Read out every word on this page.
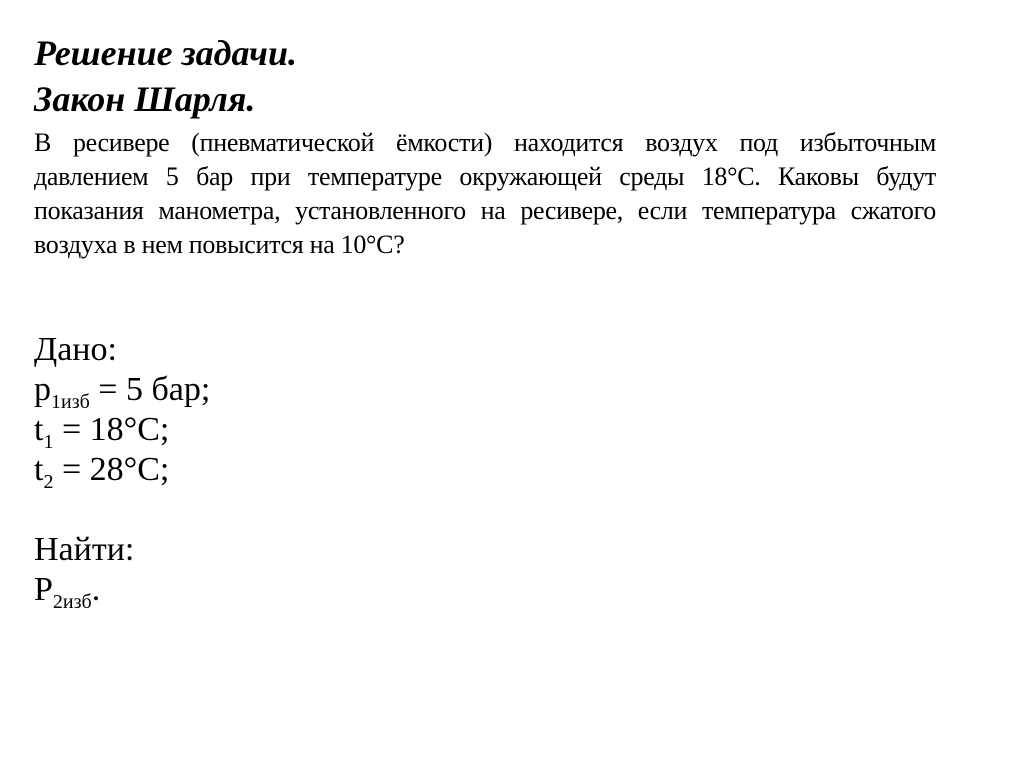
Решение задачи.

Закон Шарля.

В ресивере (пневматической ёмкости) находится воздух под избыточным давлением 5 бар при температуре окружающей среды 18°С. Каковы будут показания манометра, установленного на ресивере, если температура сжатого воздуха в нем повысится на 10°С?

Дано:

$p_{1изб} = 5$ бар;

$t_1 = 18^\circ С$;

$t_2 = 28^\circ С$;

Найти:

$Р_{2изб}$.
